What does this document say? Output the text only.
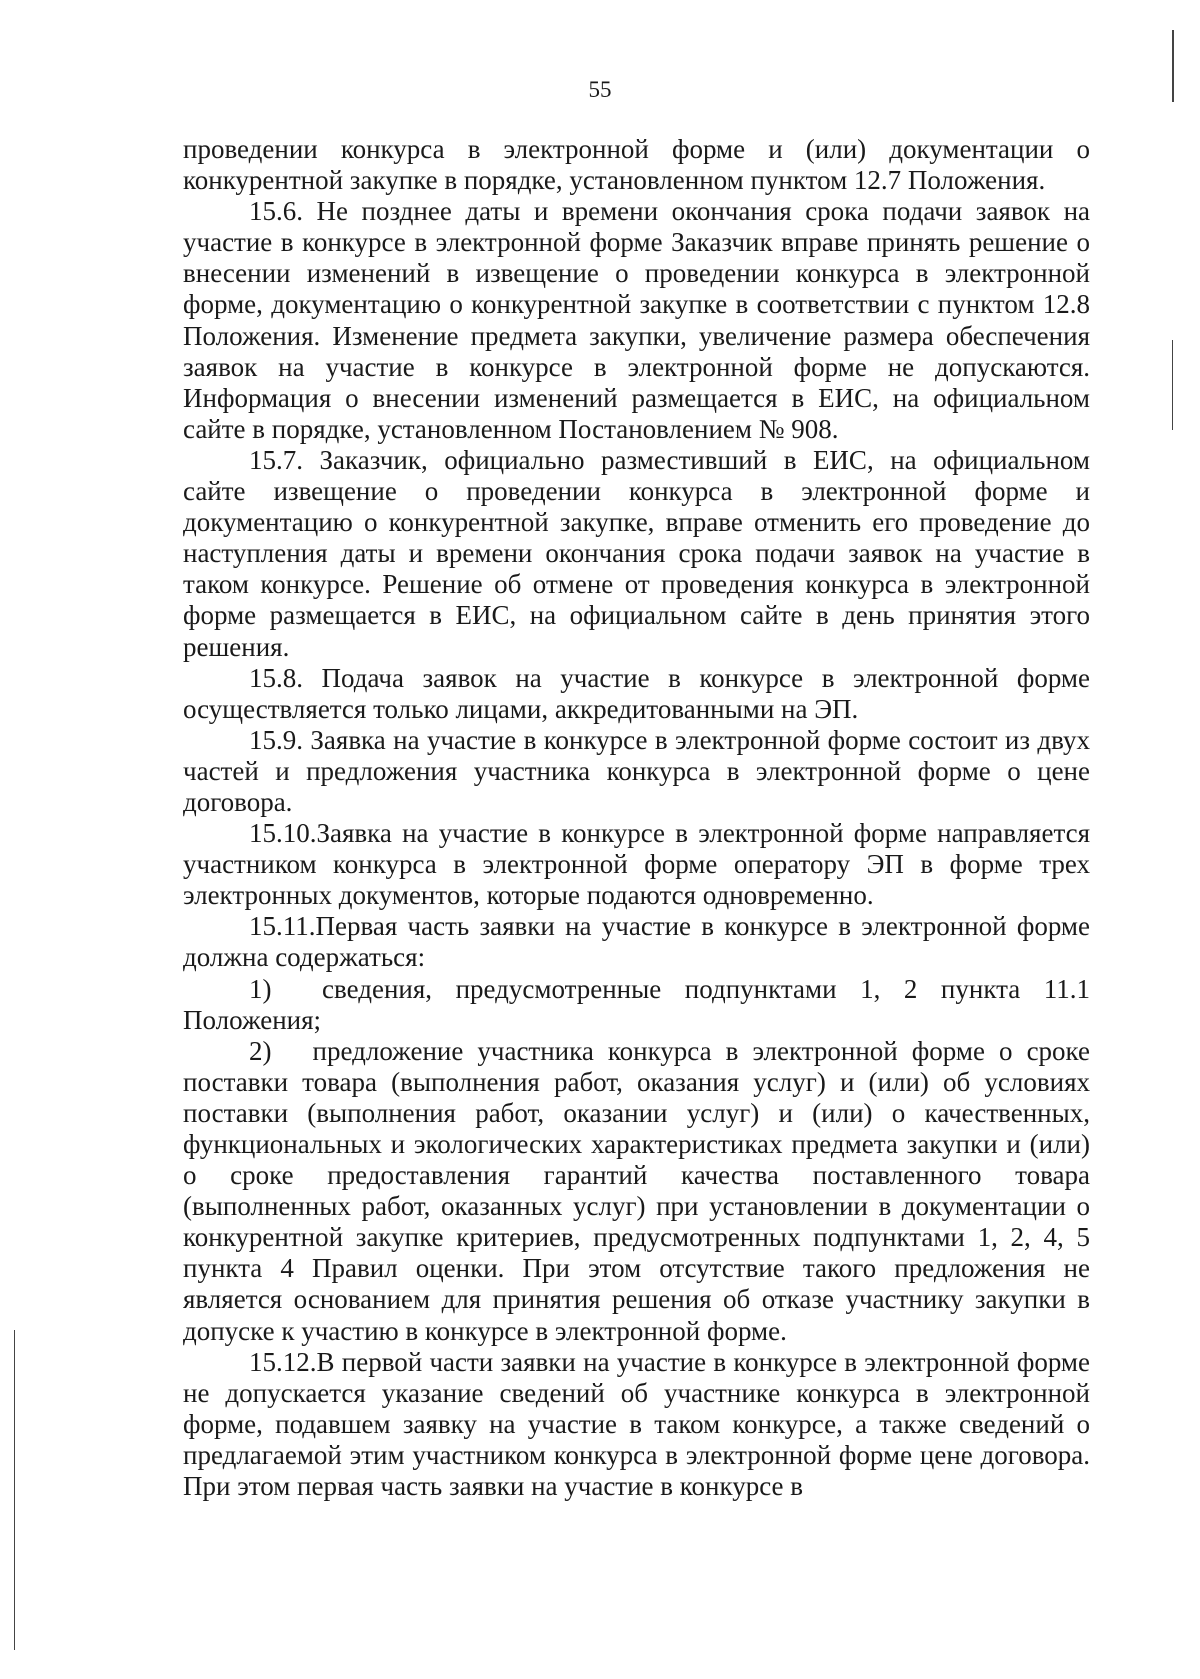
55

проведении конкурса в электронной форме и (или) документации о конкурентной закупке в порядке, установленном пунктом 12.7 Положения.

15.6. Не позднее даты и времени окончания срока подачи заявок на участие в конкурсе в электронной форме Заказчик вправе принять решение о внесении изменений в извещение о проведении конкурса в электронной форме, документацию о конкурентной закупке в соответствии с пунктом 12.8 Положения. Изменение предмета закупки, увеличение размера обеспечения заявок на участие в конкурсе в электронной форме не допускаются. Информация о внесении изменений размещается в ЕИС, на официальном сайте в порядке, установленном Постановлением № 908.

15.7. Заказчик, официально разместивший в ЕИС, на официальном сайте извещение о проведении конкурса в электронной форме и документацию о конкурентной закупке, вправе отменить его проведение до наступления даты и времени окончания срока подачи заявок на участие в таком конкурсе. Решение об отмене от проведения конкурса в электронной форме размещается в ЕИС, на официальном сайте в день принятия этого решения.

15.8. Подача заявок на участие в конкурсе в электронной форме осуществляется только лицами, аккредитованными на ЭП.

15.9. Заявка на участие в конкурсе в электронной форме состоит из двух частей и предложения участника конкурса в электронной форме о цене договора.

15.10.Заявка на участие в конкурсе в электронной форме направляется участником конкурса в электронной форме оператору ЭП в форме трех электронных документов, которые подаются одновременно.

15.11.Первая часть заявки на участие в конкурсе в электронной форме должна содержаться:

1)  сведения, предусмотренные подпунктами 1, 2 пункта 11.1 Положения;

2)  предложение участника конкурса в электронной форме о сроке поставки товара (выполнения работ, оказания услуг) и (или) об условиях поставки (выполнения работ, оказании услуг) и (или) о качественных, функциональных и экологических характеристиках предмета закупки и (или) о сроке предоставления гарантий качества поставленного товара (выполненных работ, оказанных услуг) при установлении в документации о конкурентной закупке критериев, предусмотренных подпунктами 1, 2, 4, 5 пункта 4 Правил оценки. При этом отсутствие такого предложения не является основанием для принятия решения об отказе участнику закупки в допуске к участию в конкурсе в электронной форме.

15.12.В первой части заявки на участие в конкурсе в электронной форме не допускается указание сведений об участнике конкурса в электронной форме, подавшем заявку на участие в таком конкурсе, а также сведений о предлагаемой этим участником конкурса в электронной форме цене договора. При этом первая часть заявки на участие в конкурсе в
